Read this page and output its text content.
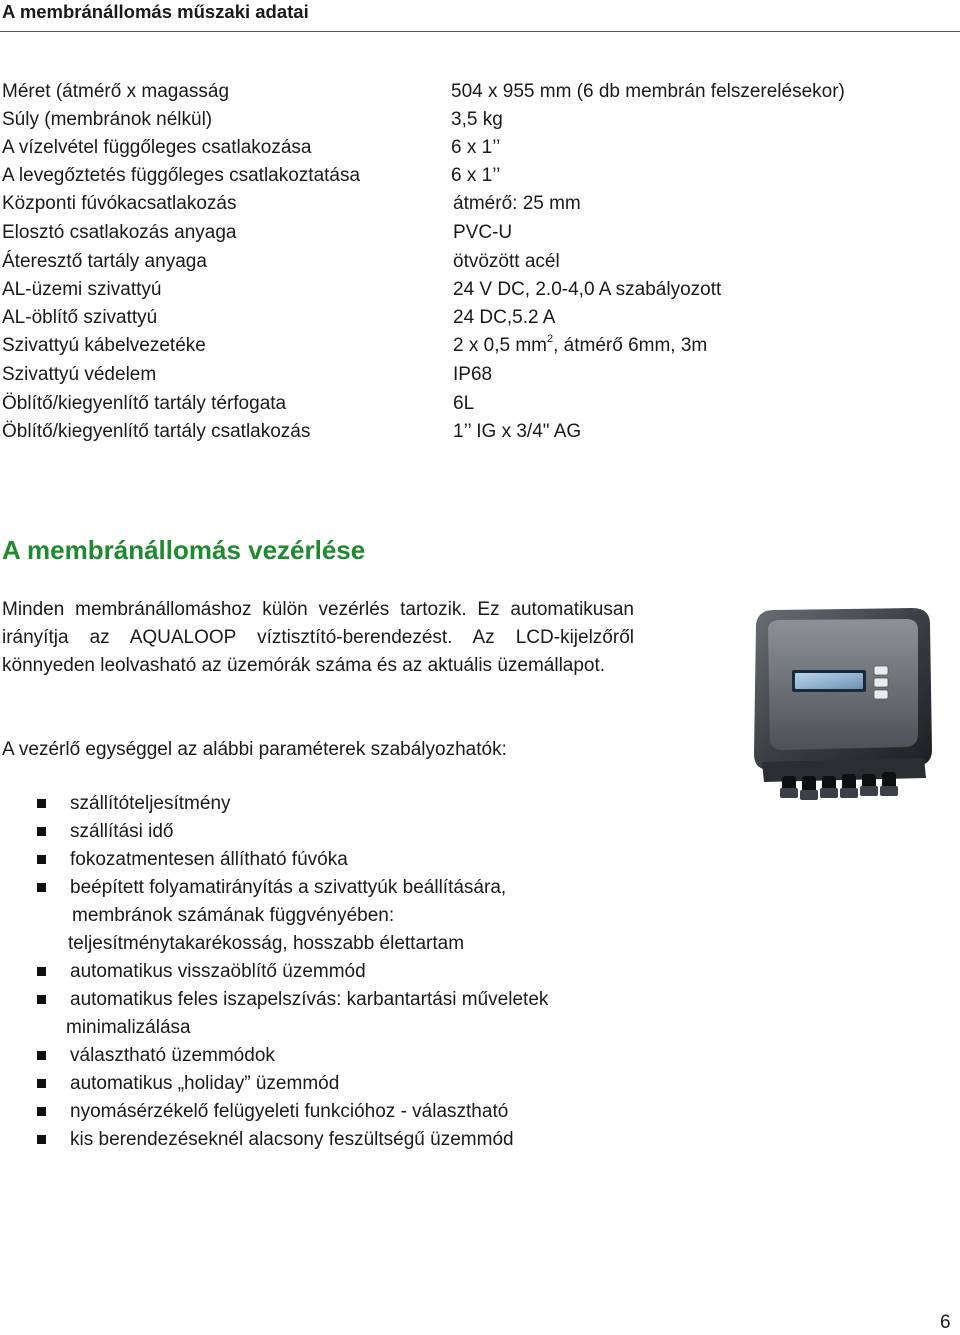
A membránállomás műszaki adatai
Méret (átmérő x magasság	504 x 955 mm (6 db membrán felszerelésekor)
Súly (membránok nélkül)	3,5 kg
A vízelvétel függőleges csatlakozása	6 x 1’’
A levegőztetés függőleges csatlakoztatása	6 x 1’’
Központi fúvókacsatlakozás	átmérő: 25 mm
Elosztó csatlakozás anyaga	PVC-U
Áteresztő tartály anyaga	ötvözött acél
AL-üzemi szivattyú	24 V DC, 2.0-4,0 A szabályozott
AL-öblítő szivattyú	24 DC,5.2 A
Szivattyú kábelvezetéke	2 x 0,5 $mm^2$, átmérő 6mm, 3m
Szivattyú védelem	IP68
Öblítő/kiegyenlítő tartály térfogata	6L
Öblítő/kiegyenlítő tartály csatlakozás	1’’ IG x 3/4" AG
A membránállomás vezérlése
Minden membránállomáshoz külön vezérlés tartozik. Ez automatikusan irányítja az AQUALOOP víztisztító-berendezést. Az LCD-kijelzőről könnyeden leolvasható az üzemórák száma és az aktuális üzemállapot.
A vezérlő egységgel az alábbi paraméterek szabályozhatók:
szállítóteljesítmény
szállítási idő
fokozatmentesen állítható fúvóka
beépített folyamatirányítás a szivattyúk beállítására,
membránok számának függvényében:
teljesítménytakarékosság, hosszabb élettartam
automatikus visszaöblítő üzemmód
automatikus feles iszapelszívás: karbantartási műveletek
minimalizálása
választható üzemmódok
automatikus „holiday” üzemmód
nyomásérzékelő felügyeleti funkcióhoz - választható
kis berendezéseknél alacsony feszültségű üzemmód
6
